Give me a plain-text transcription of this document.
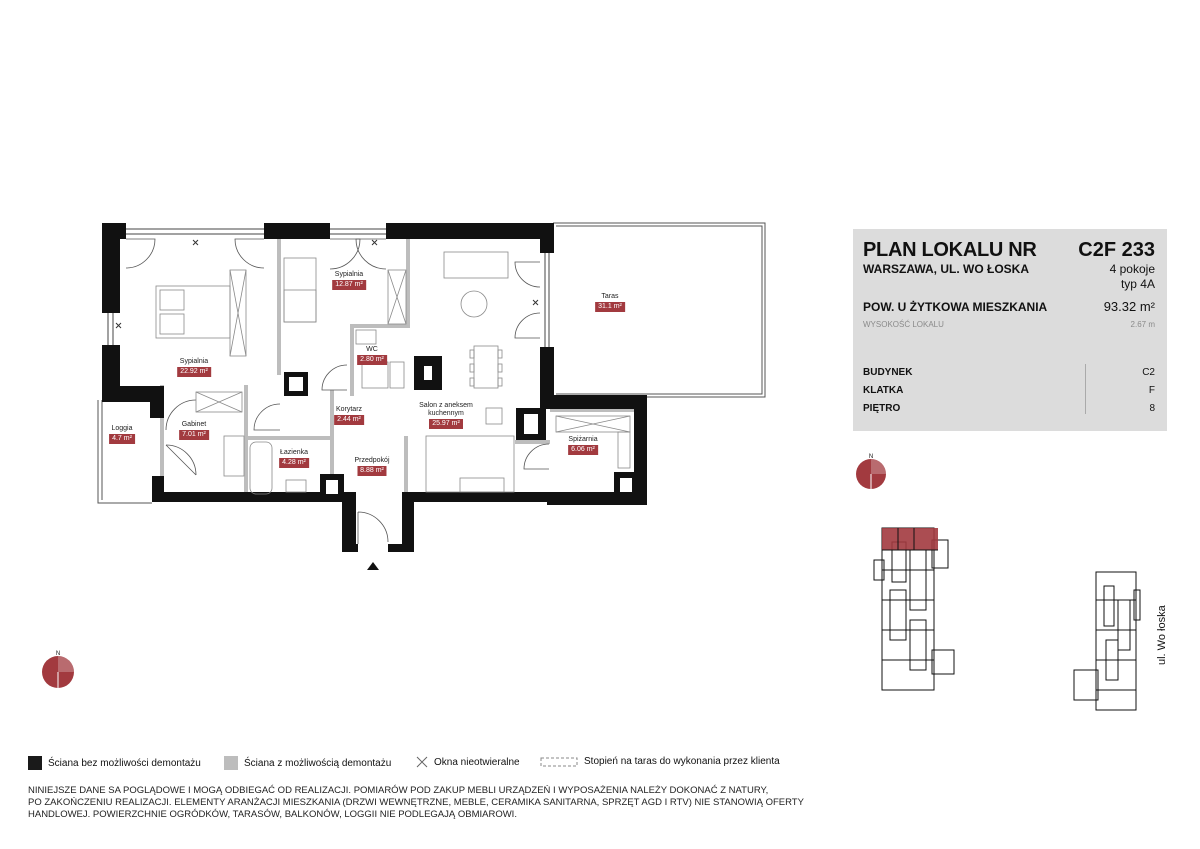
Sypialnia
22.92 m²
Sypialnia
12.87 m²
WC
2.80 m²
Korytarz
2.44 m²
Łazienka
4.28 m²	Przedpokój
8.88 m²
Salon z aneksem kuchennym
25.97 m²
Taras
31.1 m²
Spiżarnia
6.06 m²
Gabinet
7.01 m²
Loggia
4.7 m²
PLAN LOKALU NR C2F 233
WARSZAWA, UL. WO ŁOSKA	4 pokoje
typ 4A
POW. U ŻYTKOWA MIESZKANIA	93.32 m²
WYSOKOŚĆ LOKALU	2.67 m
BUDYNEK	C2
KLATKA	F
PIĘTRO	8
N
N	ul. Wo łoska
Ściana bez możliwości demontażu	Ściana z możliwością demontażu	Okna nieotwieralne	Stopień na taras do wykonania przez klienta
NINIEJSZE DANE SA POGLĄDOWE I MOGĄ ODBIEGAĆ OD REALIZACJI. POMIARÓW POD ZAKUP MEBLI URZĄDZEŃ I WYPOSAŻENIA NALEŻY DOKONAĆ Z NATURY,
PO ZAKOŃCZENIU REALIZACJI. ELEMENTY ARANŻACJI MIESZKANIA (DRZWI WEWNĘTRZNE, MEBLE, CERAMIKA SANITARNA, SPRZĘT AGD I RTV) NIE STANOWIĄ OFERTY
HANDLOWEJ. POWIERZCHNIE OGRÓDKÓW, TARASÓW, BALKONÓW, LOGGII NIE PODLEGAJĄ OBMIAROWI.
